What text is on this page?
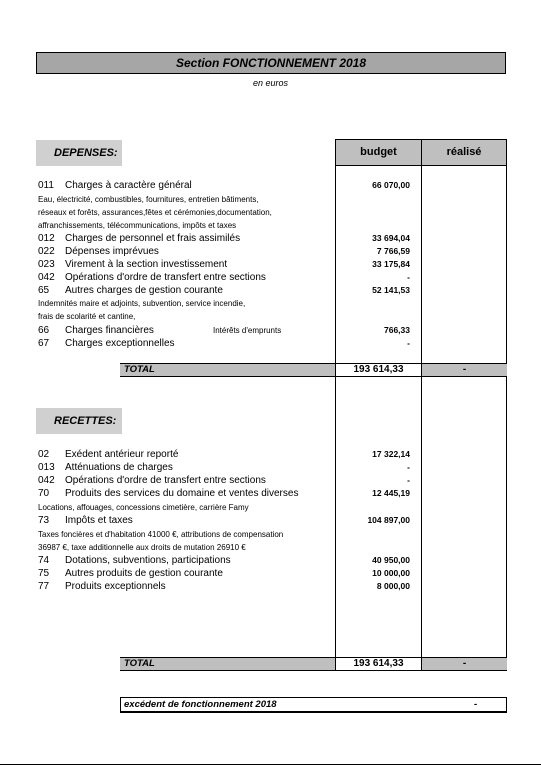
Section FONCTIONNEMENT 2018
en euros
budget	réalisé
DEPENSES:
011 Charges à caractère général	66 070,00
Eau, électricité, combustibles, fournitures, entretien bâtiments,
réseaux et forêts, assurances,fêtes et cérémonies,documentation,
affranchissements, télécommunications, impôts et taxes
012 Charges de personnel et frais assimilés	33 694,04
022 Dépenses imprévues	7 766,59
023 Virement à la section investissement	33 175,84
042 Opérations d'ordre de transfert entre sections	-
65 Autres charges de gestion courante	52 141,53
Indemnités maire et adjoints, subvention, service incendie,
frais de scolarité et cantine,
66 Charges financières	Intérêts d'emprunts	766,33
67 Charges exceptionnelles	-
TOTAL	193 614,33	-
RECETTES:
02 Exédent antérieur reporté	17 322,14
013 Atténuations de charges	-
042 Opérations d'ordre de transfert entre sections	-
70 Produits des services du domaine et ventes diverses	12 445,19
Locations, affouages, concessions cimetière, carrière Famy
73 Impôts et taxes	104 897,00
Taxes foncières et d'habitation 41000 €, attributions de compensation
36987 €, taxe additionnelle aux droits de mutation 26910 €
74 Dotations, subventions, participations	40 950,00
75 Autres produits de gestion courante	10 000,00
77 Produits exceptionnels	8 000,00
TOTAL	193 614,33	-
excédent de fonctionnement 2018	-
